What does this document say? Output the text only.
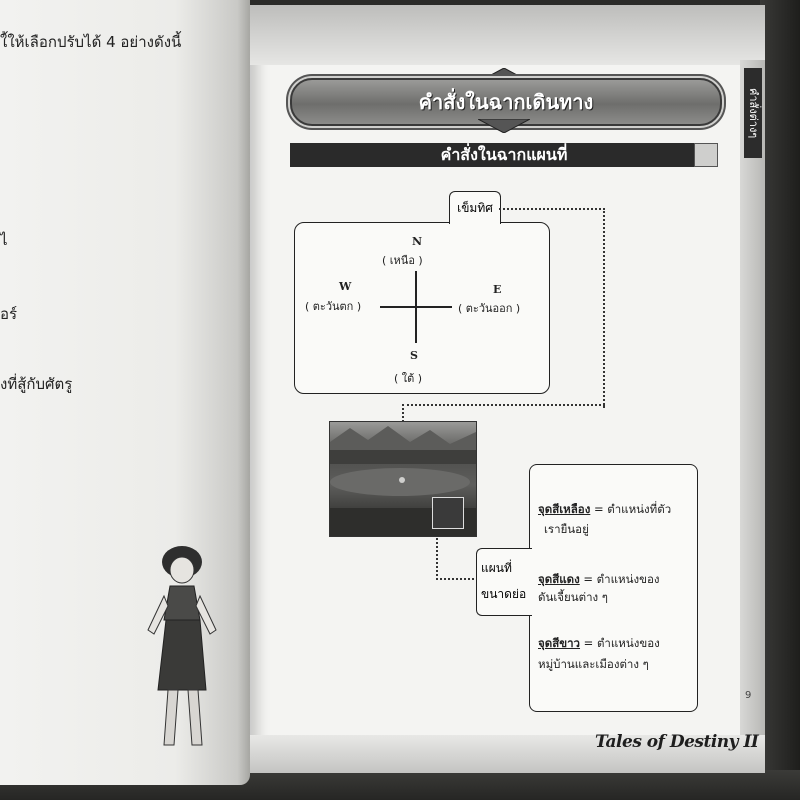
ใ้ให้เลือกปรับได้ 4 อย่างดังนี้
ไ
อร์
งที่สู้กับศัตรู
คำสั่งต่างๆ
9
คำสั่งในฉากเดินทาง
คำสั่งในฉากแผนที่
เข็มทิศ
N
( เหนือ )
W
( ตะวันตก )
E
( ตะวันออก )
S
( ใต้ )
จุดสีเหลือง = ตำแหน่งที่ตัว
เรายืนอยู่
จุดสีแดง = ตำแหน่งของ
ดันเจี้ยนต่าง ๆ
จุดสีขาว = ตำแหน่งของ
หมู่บ้านและเมืองต่าง ๆ
แผนที่
ขนาดย่อ
Tales of Destiny II
